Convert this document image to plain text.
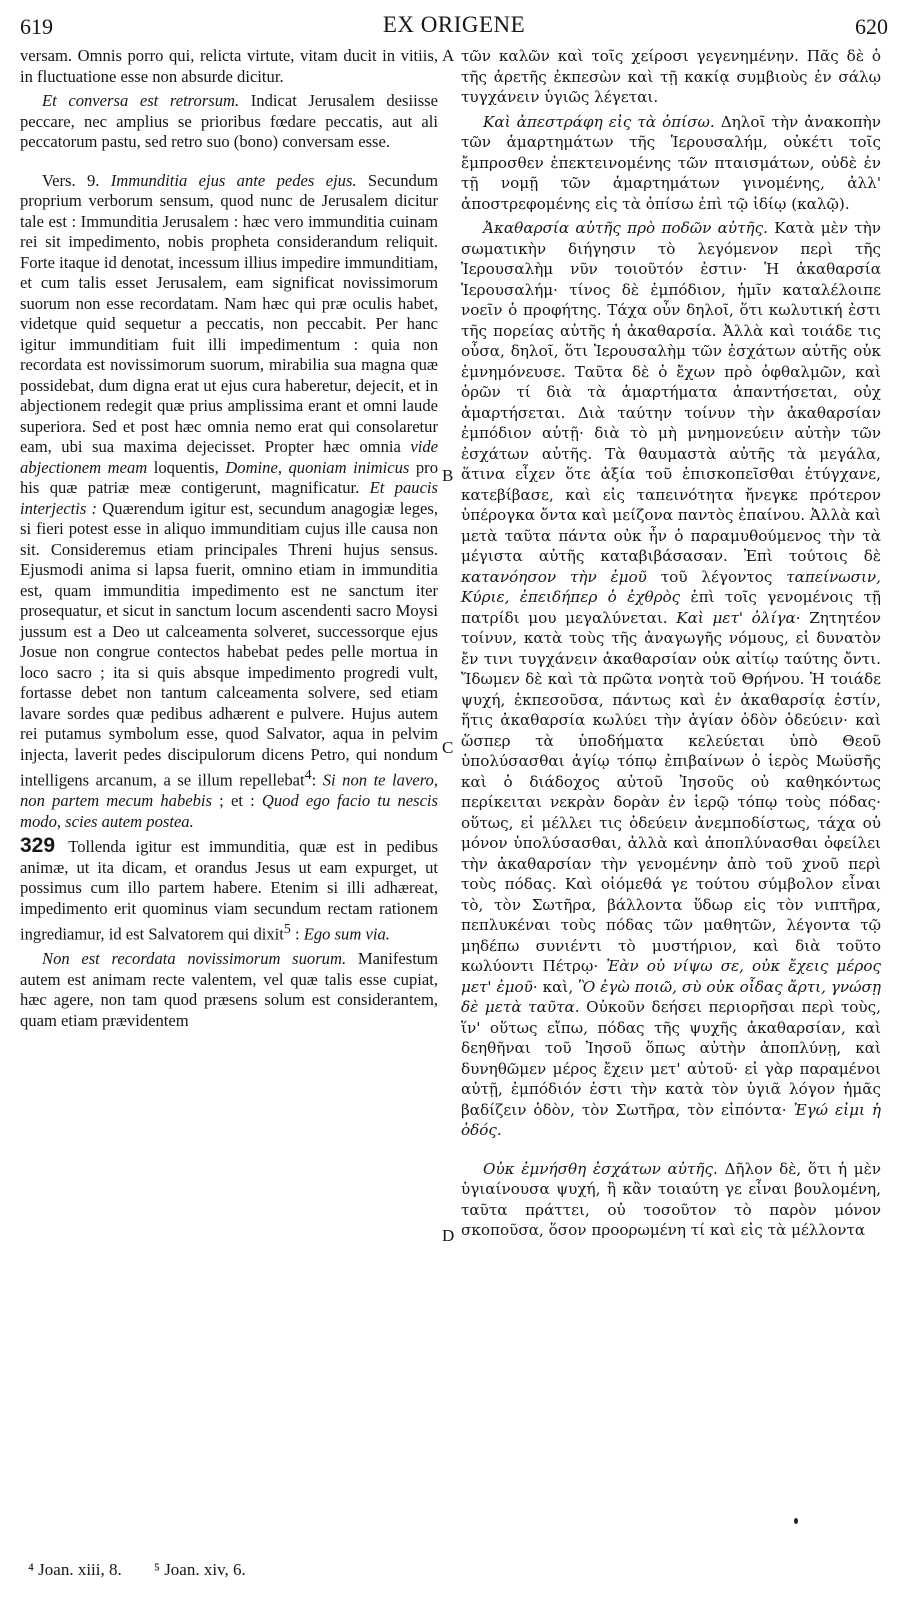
619	EX ORIGENE	620

versam. Omnis porro qui, relicta virtute, vitam ducit in vitiis, in fluctuatione esse non absurde dicitur.

Et conversa est retrorsum. Indicat Jerusalem desiisse peccare, nec amplius se prioribus fœdare peccatis, aut ali peccatorum pastu, sed retro suo (bono) conversam esse.

Vers. 9. Immunditia ejus ante pedes ejus. Secundum proprium verborum sensum, quod nunc de Jerusalem dicitur tale est : Immunditia Jerusalem : hæc vero immunditia cuinam rei sit impedimento, nobis propheta considerandum reliquit. Forte itaque id denotat, incessum illius impedire immunditiam, et cum talis esset Jerusalem, eam significat novissimorum suorum non esse recordatam. Nam hæc qui præ oculis habet, videtque quid sequetur a peccatis, non peccabit. Per hanc igitur immunditiam fuit illi impedimentum : quia non recordata est novissimorum suorum, mirabilia sua magna quæ possidebat, dum digna erat ut ejus cura haberetur, dejecit, et in abjectionem redegit quæ prius amplissima erant et omni laude superiora. Sed et post hæc omnia nemo erat qui consolaretur eam, ubi sua maxima dejecisset. Propter hæc omnia vide abjectionem meam loquentis, Domine, quoniam inimicus pro his quæ patriæ meæ contigerunt, magnificatur. Et paucis interjectis : Quærendum igitur est, secundum anagogiæ leges, si fieri potest esse in aliquo immunditiam cujus ille causa non sit. Consideremus etiam principales Threni hujus sensus. Ejusmodi anima si lapsa fuerit, omnino etiam in immunditia est, quam immunditia impedimento est ne sanctum iter prosequatur, et sicut in sanctum locum ascendenti sacro Moysi jussum est a Deo ut calceamenta solveret, successorque ejus Josue non congrue contectos habebat pedes pelle mortua in loco sacro ; ita si quis absque impedimento progredi vult, fortasse debet non tantum calceamenta solvere, sed etiam lavare sordes quæ pedibus adhærent e pulvere. Hujus autem rei putamus symbolum esse, quod Salvator, aqua in pelvim injecta, laverit pedes discipulorum dicens Petro, qui nondum intelligens arcanum, a se illum repellebat$^4$: Si non te lavero, non partem mecum habebis ; et : Quod ego facio tu nescis modo, scies autem postea.

329 Tollenda igitur est immunditia, quæ est in pedibus animæ, ut ita dicam, et orandus Jesus ut eam expurget, ut possimus cum illo partem habere. Etenim si illi adhæreat, impedimento erit quominus viam secundum rectam rationem ingrediamur, id est Salvatorem qui dixit$^5$ : Ego sum via.

Non est recordata novissimorum suorum. Manifestum autem est animam recte valentem, vel quæ talis esse cupiat, hæc agere, non tam quod præsens solum est considerantem, quam etiam prævidentem

A
B
C
D

τῶν καλῶν καὶ τοῖς χείροσι γεγενημένην. Πᾶς δὲ ὁ τῆς ἀρετῆς ἐκπεσὼν καὶ τῇ κακίᾳ συμβιοὺς ἐν σάλῳ τυγχάνειν ὑγιῶς λέγεται.

Καὶ ἀπεστράφη εἰς τὰ ὀπίσω. Δηλοῖ τὴν ἀνακοπὴν τῶν ἁμαρτημάτων τῆς Ἱερουσαλήμ, οὐκέτι τοῖς ἔμπροσθεν ἐπεκτεινομένης τῶν πταισμάτων, οὐδὲ ἐν τῇ νομῇ τῶν ἁμαρτημάτων γινομένης, ἀλλ' ἀποστρεφομένης εἰς τὰ ὀπίσω ἐπὶ τῷ ἰδίῳ (καλῷ).

Ἀκαθαρσία αὐτῆς πρὸ ποδῶν αὐτῆς. Κατὰ μὲν τὴν σωματικὴν διήγησιν τὸ λεγόμενον περὶ τῆς Ἱερουσαλὴμ νῦν τοιοῦτόν ἐστιν· Ἡ ἀκαθαρσία Ἱερουσαλήμ· τίνος δὲ ἐμπόδιον, ἡμῖν καταλέλοιπε νοεῖν ὁ προφήτης. Τάχα οὖν δηλοῖ, ὅτι κωλυτική ἐστι τῆς πορείας αὐτῆς ἡ ἀκαθαρσία. Ἀλλὰ καὶ τοιάδε τις οὖσα, δηλοῖ, ὅτι Ἱερουσαλὴμ τῶν ἐσχάτων αὐτῆς οὐκ ἐμνημόνευσε. Ταῦτα δὲ ὁ ἔχων πρὸ ὀφθαλμῶν, καὶ ὁρῶν τί διὰ τὰ ἁμαρτήματα ἀπαντήσεται, οὐχ ἁμαρτήσεται. Διὰ ταύτην τοίνυν τὴν ἀκαθαρσίαν ἐμπόδιον αὐτῇ· διὰ τὸ μὴ μνημονεύειν αὐτὴν τῶν ἐσχάτων αὐτῆς. Τὰ θαυμαστὰ αὐτῆς τὰ μεγάλα, ἅτινα εἶχεν ὅτε ἀξία τοῦ ἐπισκοπεῖσθαι ἐτύγχανε, κατεβίβασε, καὶ εἰς ταπεινότητα ἤνεγκε πρότερον ὑπέρογκα ὄντα καὶ μείζονα παντὸς ἐπαίνου. Ἀλλὰ καὶ μετὰ ταῦτα πάντα οὐκ ἦν ὁ παραμυθούμενος τὴν τὰ μέγιστα αὐτῆς καταβιβάσασαν. Ἐπὶ τούτοις δὲ κατανόησον τὴν ἐμοῦ τοῦ λέγοντος ταπείνωσιν, Κύριε, ἐπειδήπερ ὁ ἐχθρὸς ἐπὶ τοῖς γενομένοις τῇ πατρίδι μου μεγαλύνεται. Καὶ μετ' ὀλίγα· Ζητητέον τοίνυν, κατὰ τοὺς τῆς ἀναγωγῆς νόμους, εἰ δυνατὸν ἔν τινι τυγχάνειν ἀκαθαρσίαν οὐκ αἰτίῳ ταύτης ὄντι. Ἴδωμεν δὲ καὶ τὰ πρῶτα νοητὰ τοῦ Θρήνου. Ἡ τοιάδε ψυχή, ἐκπεσοῦσα, πάντως καὶ ἐν ἀκαθαρσίᾳ ἐστίν, ἥτις ἀκαθαρσία κωλύει τὴν ἁγίαν ὁδὸν ὁδεύειν· καὶ ὥσπερ τὰ ὑποδήματα κελεύεται ὑπὸ Θεοῦ ὑπολύσασθαι ἁγίῳ τόπῳ ἐπιβαίνων ὁ ἱερὸς Μωϋσῆς καὶ ὁ διάδοχος αὐτοῦ Ἰησοῦς οὐ καθηκόντως περίκειται νεκρὰν δορὰν ἐν ἱερῷ τόπῳ τοὺς πόδας· οὕτως, εἰ μέλλει τις ὁδεύειν ἀνεμποδίστως, τάχα οὐ μόνον ὑπολύσασθαι, ἀλλὰ καὶ ἀποπλύνασθαι ὀφείλει τὴν ἀκαθαρσίαν τὴν γενομένην ἀπὸ τοῦ χνοῦ περὶ τοὺς πόδας. Καὶ οἰόμεθά γε τούτου σύμβολον εἶναι τὸ, τὸν Σωτῆρα, βάλλοντα ὕδωρ εἰς τὸν νιπτῆρα, πεπλυκέναι τοὺς πόδας τῶν μαθητῶν, λέγοντα τῷ μηδέπω συνιέντι τὸ μυστήριον, καὶ διὰ τοῦτο κωλύοντι Πέτρῳ· Ἐὰν οὐ νίψω σε, οὐκ ἔχεις μέρος μετ' ἐμοῦ· καὶ, Ὃ ἐγὼ ποιῶ, σὺ οὐκ οἶδας ἄρτι, γνώσῃ δὲ μετὰ ταῦτα. Οὐκοῦν δεήσει περιορῆσαι περὶ τοὺς, ἵν' οὕτως εἴπω, πόδας τῆς ψυχῆς ἀκαθαρσίαν, καὶ δεηθῆναι τοῦ Ἰησοῦ ὅπως αὐτὴν ἀποπλύνῃ, καὶ δυνηθῶμεν μέρος ἔχειν μετ' αὐτοῦ· εἰ γὰρ παραμένοι αὐτῇ, ἐμπόδιόν ἐστι τὴν κατὰ τὸν ὑγιᾶ λόγον ἡμᾶς βαδίζειν ὁδὸν, τὸν Σωτῆρα, τὸν εἰπόντα· Ἐγώ εἰμι ἡ ὁδός.

Οὐκ ἐμνήσθη ἐσχάτων αὐτῆς. Δῆλον δὲ, ὅτι ἡ μὲν ὑγιαίνουσα ψυχή, ἢ κἂν τοιαύτη γε εἶναι βουλομένη, ταῦτα πράττει, οὐ τοσοῦτον τὸ παρὸν μόνον σκοποῦσα, ὅσον προορωμένη τί καὶ εἰς τὰ μέλλοντα

⁴ Joan. xiii, 8. ⁵ Joan. xiv, 6.
